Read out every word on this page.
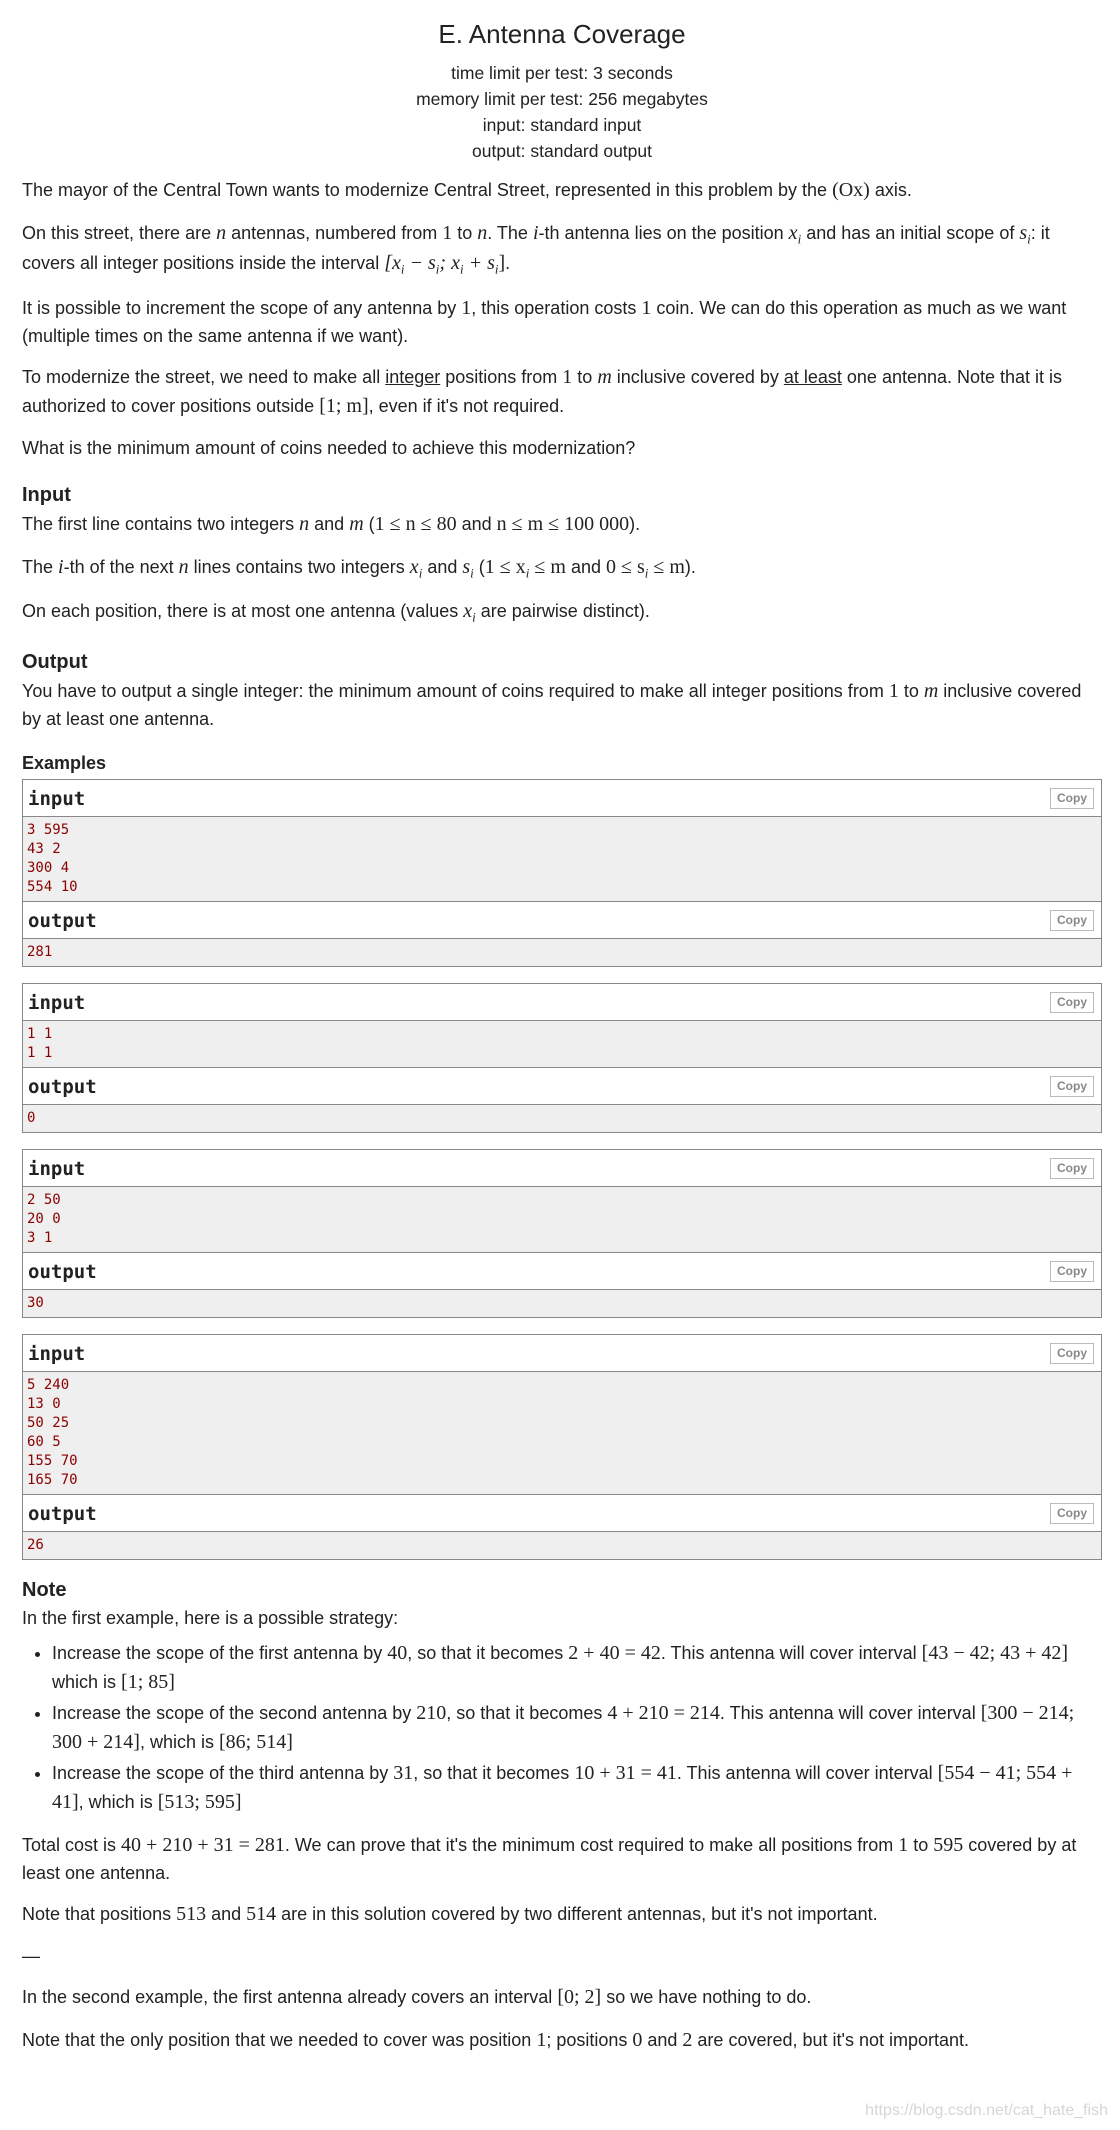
E. Antenna Coverage
time limit per test: 3 seconds
memory limit per test: 256 megabytes
input: standard input
output: standard output

The mayor of the Central Town wants to modernize Central Street, represented in this problem by the (Ox) axis.

On this street, there are n antennas, numbered from 1 to n. The i-th antenna lies on the position $x_i$ and has an initial scope of $s_i$: it covers all integer positions inside the interval [$x_i - s_i$; $x_i + s_i$].

It is possible to increment the scope of any antenna by 1, this operation costs 1 coin. We can do this operation as much as we want (multiple times on the same antenna if we want).

To modernize the street, we need to make all integer positions from 1 to m inclusive covered by at least one antenna. Note that it is authorized to cover positions outside [1; m], even if it's not required.

What is the minimum amount of coins needed to achieve this modernization?

Input

The first line contains two integers n and m (1 ≤ n ≤ 80 and n ≤ m ≤ 100 000).

The i-th of the next n lines contains two integers $x_i$ and $s_i$ ($1 \le x_i \le m$ and $0 \le s_i \le m$).

On each position, there is at most one antenna (values $x_i$ are pairwise distinct).

Output

You have to output a single integer: the minimum amount of coins required to make all integer positions from 1 to m inclusive covered by at least one antenna.

Examples
input	Copy
3 595
43 2
300 4
554 10
output	Copy
281
input	Copy
1 1
1 1
output	Copy
0
input	Copy
2 50
20 0
3 1
output	Copy
30
input	Copy
5 240
13 0
50 25
60 5
155 70
165 70
output	Copy
26
Note

In the first example, here is a possible strategy:

• Increase the scope of the first antenna by 40, so that it becomes 2 + 40 = 42. This antenna will cover interval [43 − 42; 43 + 42] which is [1; 85]
• Increase the scope of the second antenna by 210, so that it becomes 4 + 210 = 214. This antenna will cover interval [300 − 214; 300 + 214], which is [86; 514]
• Increase the scope of the third antenna by 31, so that it becomes 10 + 31 = 41. This antenna will cover interval [554 − 41; 554 + 41], which is [513; 595]

Total cost is 40 + 210 + 31 = 281. We can prove that it's the minimum cost required to make all positions from 1 to 595 covered by at least one antenna.

Note that positions 513 and 514 are in this solution covered by two different antennas, but it's not important.

—

In the second example, the first antenna already covers an interval [0; 2] so we have nothing to do.

Note that the only position that we needed to cover was position 1; positions 0 and 2 are covered, but it's not important.

https://blog.csdn.net/cat_hate_fish
